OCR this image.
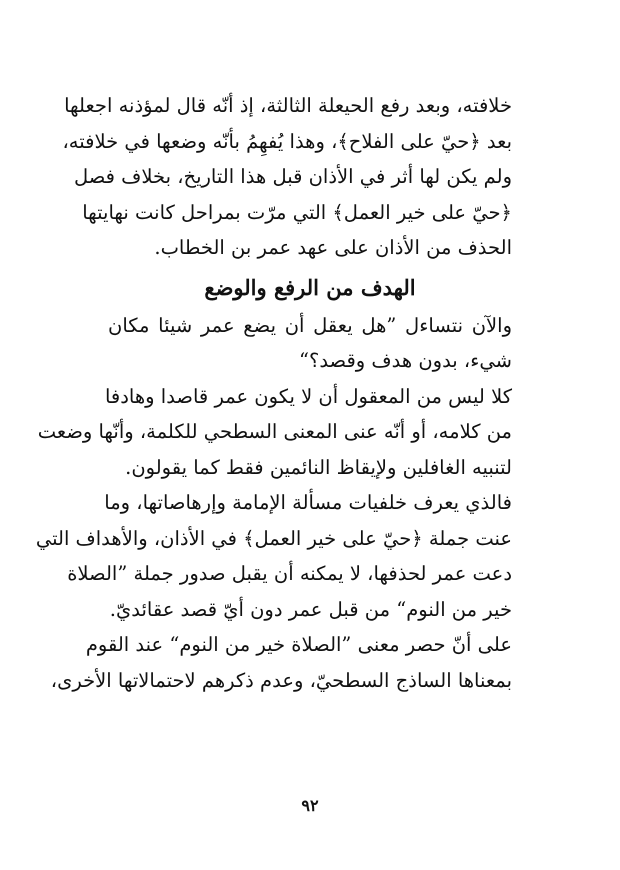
خلافته، وبعد رفع الحيعلة الثالثة، إذ أنّه قال لمؤذنه اجعلها
بعد ﴿حيّ على الفلاح﴾، وهذا يُفهِمُ بأنّه وضعها في خلافته،
ولم يكن لها أثر في الأذان قبل هذا التاريخ، بخلاف فصل
﴿حيّ على خير العمل﴾ التي مرّت بمراحل كانت نهايتها
الحذف من الأذان على عهد عمر بن الخطاب.
الهدف من الرفع والوضع
والآن نتساءل ”هل يعقل أن يضع عمر شيئا مكان
شيء، بدون هدف وقصد؟“
كلا ليس من المعقول أن لا يكون عمر قاصدا وهادفا
من كلامه، أو أنّه عنى المعنى السطحي للكلمة، وأنّها وضعت
لتنبيه الغافلين ولإيقاظ النائمين فقط كما يقولون.
فالذي يعرف خلفيات مسألة الإمامة وإرهاصاتها، وما
عنت جملة ﴿حيّ على خير العمل﴾ في الأذان، والأهداف التي
دعت عمر لحذفها، لا يمكنه أن يقبل صدور جملة ”الصلاة
خير من النوم“ من قبل عمر دون أيّ قصد عقائديّ.
على أنّ حصر معنى ”الصلاة خير من النوم“ عند القوم
بمعناها الساذج السطحيّ، وعدم ذكرهم لاحتمالاتها الأخرى،
٩٢
